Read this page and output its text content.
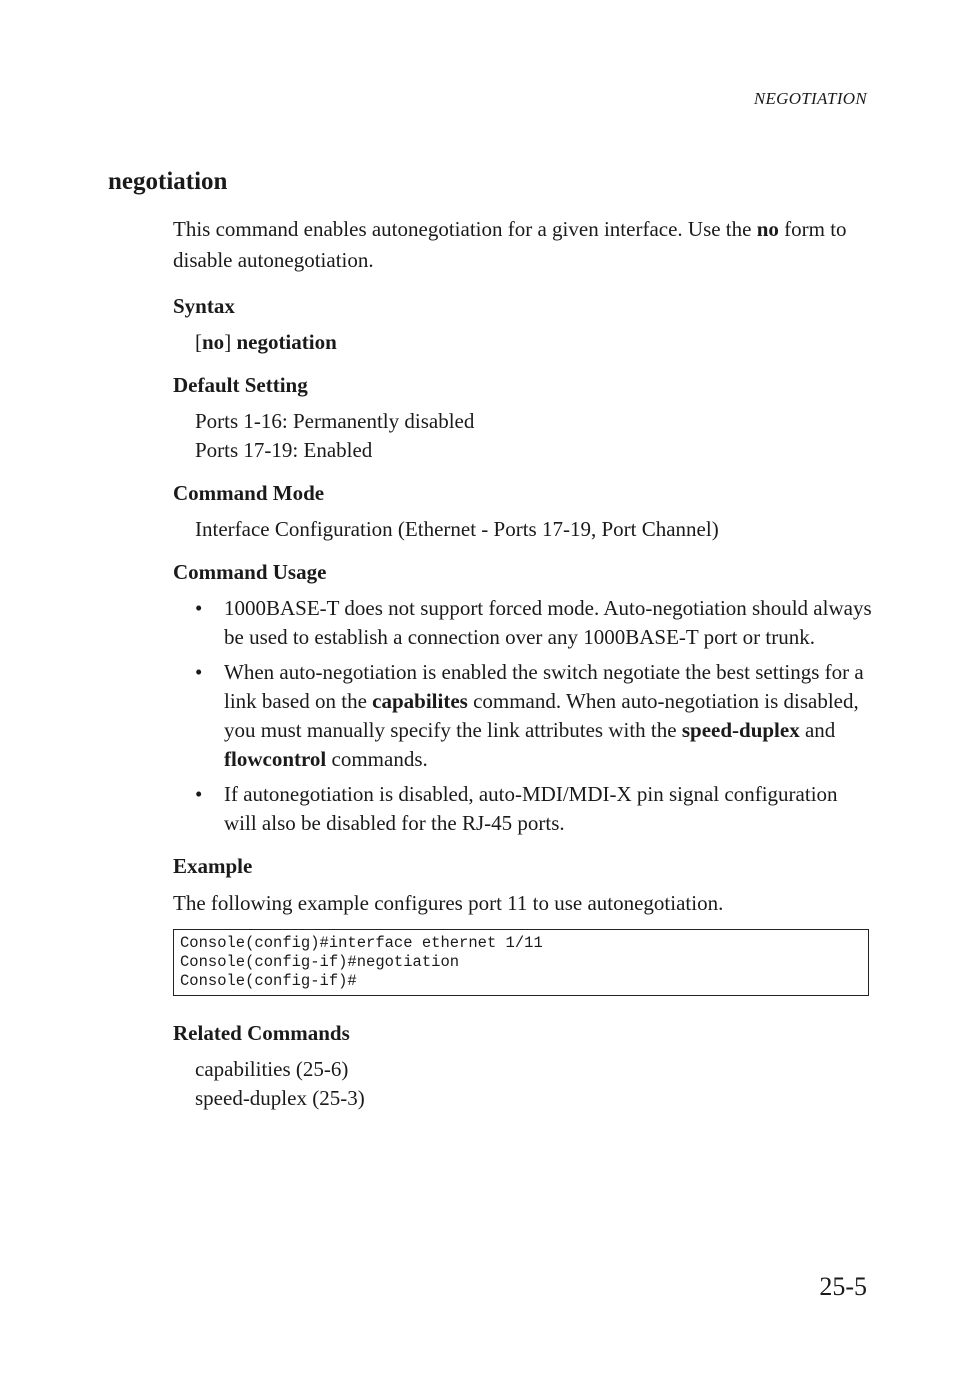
NEGOTIATION
negotiation

This command enables autonegotiation for a given interface. Use the no form to disable autonegotiation.

Syntax
[no] negotiation
Default Setting
Ports 1-16: Permanently disabled
Ports 17-19: Enabled
Command Mode
Interface Configuration (Ethernet - Ports 17-19, Port Channel)
Command Usage
• 1000BASE-T does not support forced mode. Auto-negotiation should always be used to establish a connection over any 1000BASE-T port or trunk.
• When auto-negotiation is enabled the switch negotiate the best settings for a link based on the capabilites command. When auto-negotiation is disabled, you must manually specify the link attributes with the speed-duplex and flowcontrol commands.
• If autonegotiation is disabled, auto-MDI/MDI-X pin signal configuration will also be disabled for the RJ-45 ports.
Example
The following example configures port 11 to use autonegotiation.
Console(config)#interface ethernet 1/11
Console(config-if)#negotiation
Console(config-if)#
Related Commands
capabilities (25-6)
speed-duplex (25-3)
25-5
